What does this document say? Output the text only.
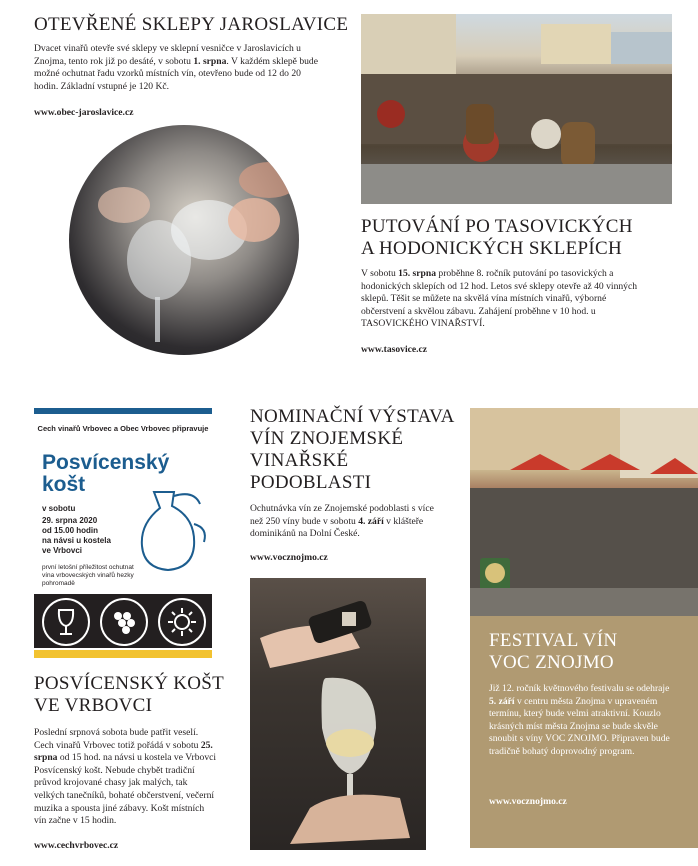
OTEVŘENÉ SKLEPY JAROSLAVICE

Dvacet vinařů otevře své sklepy ve sklepní vesničce v Jaroslavicích u Znojma, tento rok již po desáté, v sobotu 1. srpna. V každém sklepě bude možné ochutnat řadu vzorků místních vín, otevřeno bude od 12 do 20 hodin. Základní vstupné je 120 Kč.

www.obec-jaroslavice.cz

PUTOVÁNÍ PO TASOVICKÝCH
A HODONICKÝCH SKLEPÍCH

V sobotu 15. srpna proběhne 8. ročník putování po tasovických a hodonických sklepích od 12 hod. Letos své sklepy otevře až 40 vinných sklepů. Těšit se můžete na skvělá vína místních vinařů, výborné občerstvení a skvělou zábavu. Zahájení proběhne v 10 hod. u TASOVICKÉHO VINAŘSTVÍ.

www.tasovice.cz

Cech vinařů Vrbovec a Obec Vrbovec připravuje
Posvícenský
košt
v sobotu
29. srpna 2020
od 15.00 hodin
na návsi u kostela
ve Vrbovci
první letošní příležitost ochutnat vína vrbovecských vinařů hezky pohromadě
POSVÍCENSKÝ KOŠT
VE VRBOVCI

Poslední srpnová sobota bude patřit veselí. Cech vinařů Vrbovec totiž pořádá v sobotu 25. srpna od 15 hod. na návsi u kostela ve Vrbovci Posvícenský košt. Nebude chybět tradiční průvod krojované chasy jak malých, tak velkých tanečníků, bohaté občerstvení, večerní muzika a spousta jiné zábavy. Košt místních vín začne v 15 hodin.

www.cechvrbovec.cz

NOMINAČNÍ VÝSTAVA
VÍN ZNOJEMSKÉ
VINAŘSKÉ
PODOBLASTI

Ochutnávka vín ze Znojemské podoblasti s více než 250 víny bude v sobotu 4. září v klášteře dominikánů na Dolní České.

www.vocznojmo.cz

FESTIVAL VÍN
VOC ZNOJMO

Již 12. ročník květnového festivalu se odehraje 5. září v centru města Znojma v upraveném termínu, který bude velmi atraktivní. Kouzlo krásných míst města Znojma se bude skvěle snoubit s víny VOC ZNOJMO. Připraven bude tradičně bohatý doprovodný program.

www.vocznojmo.cz
